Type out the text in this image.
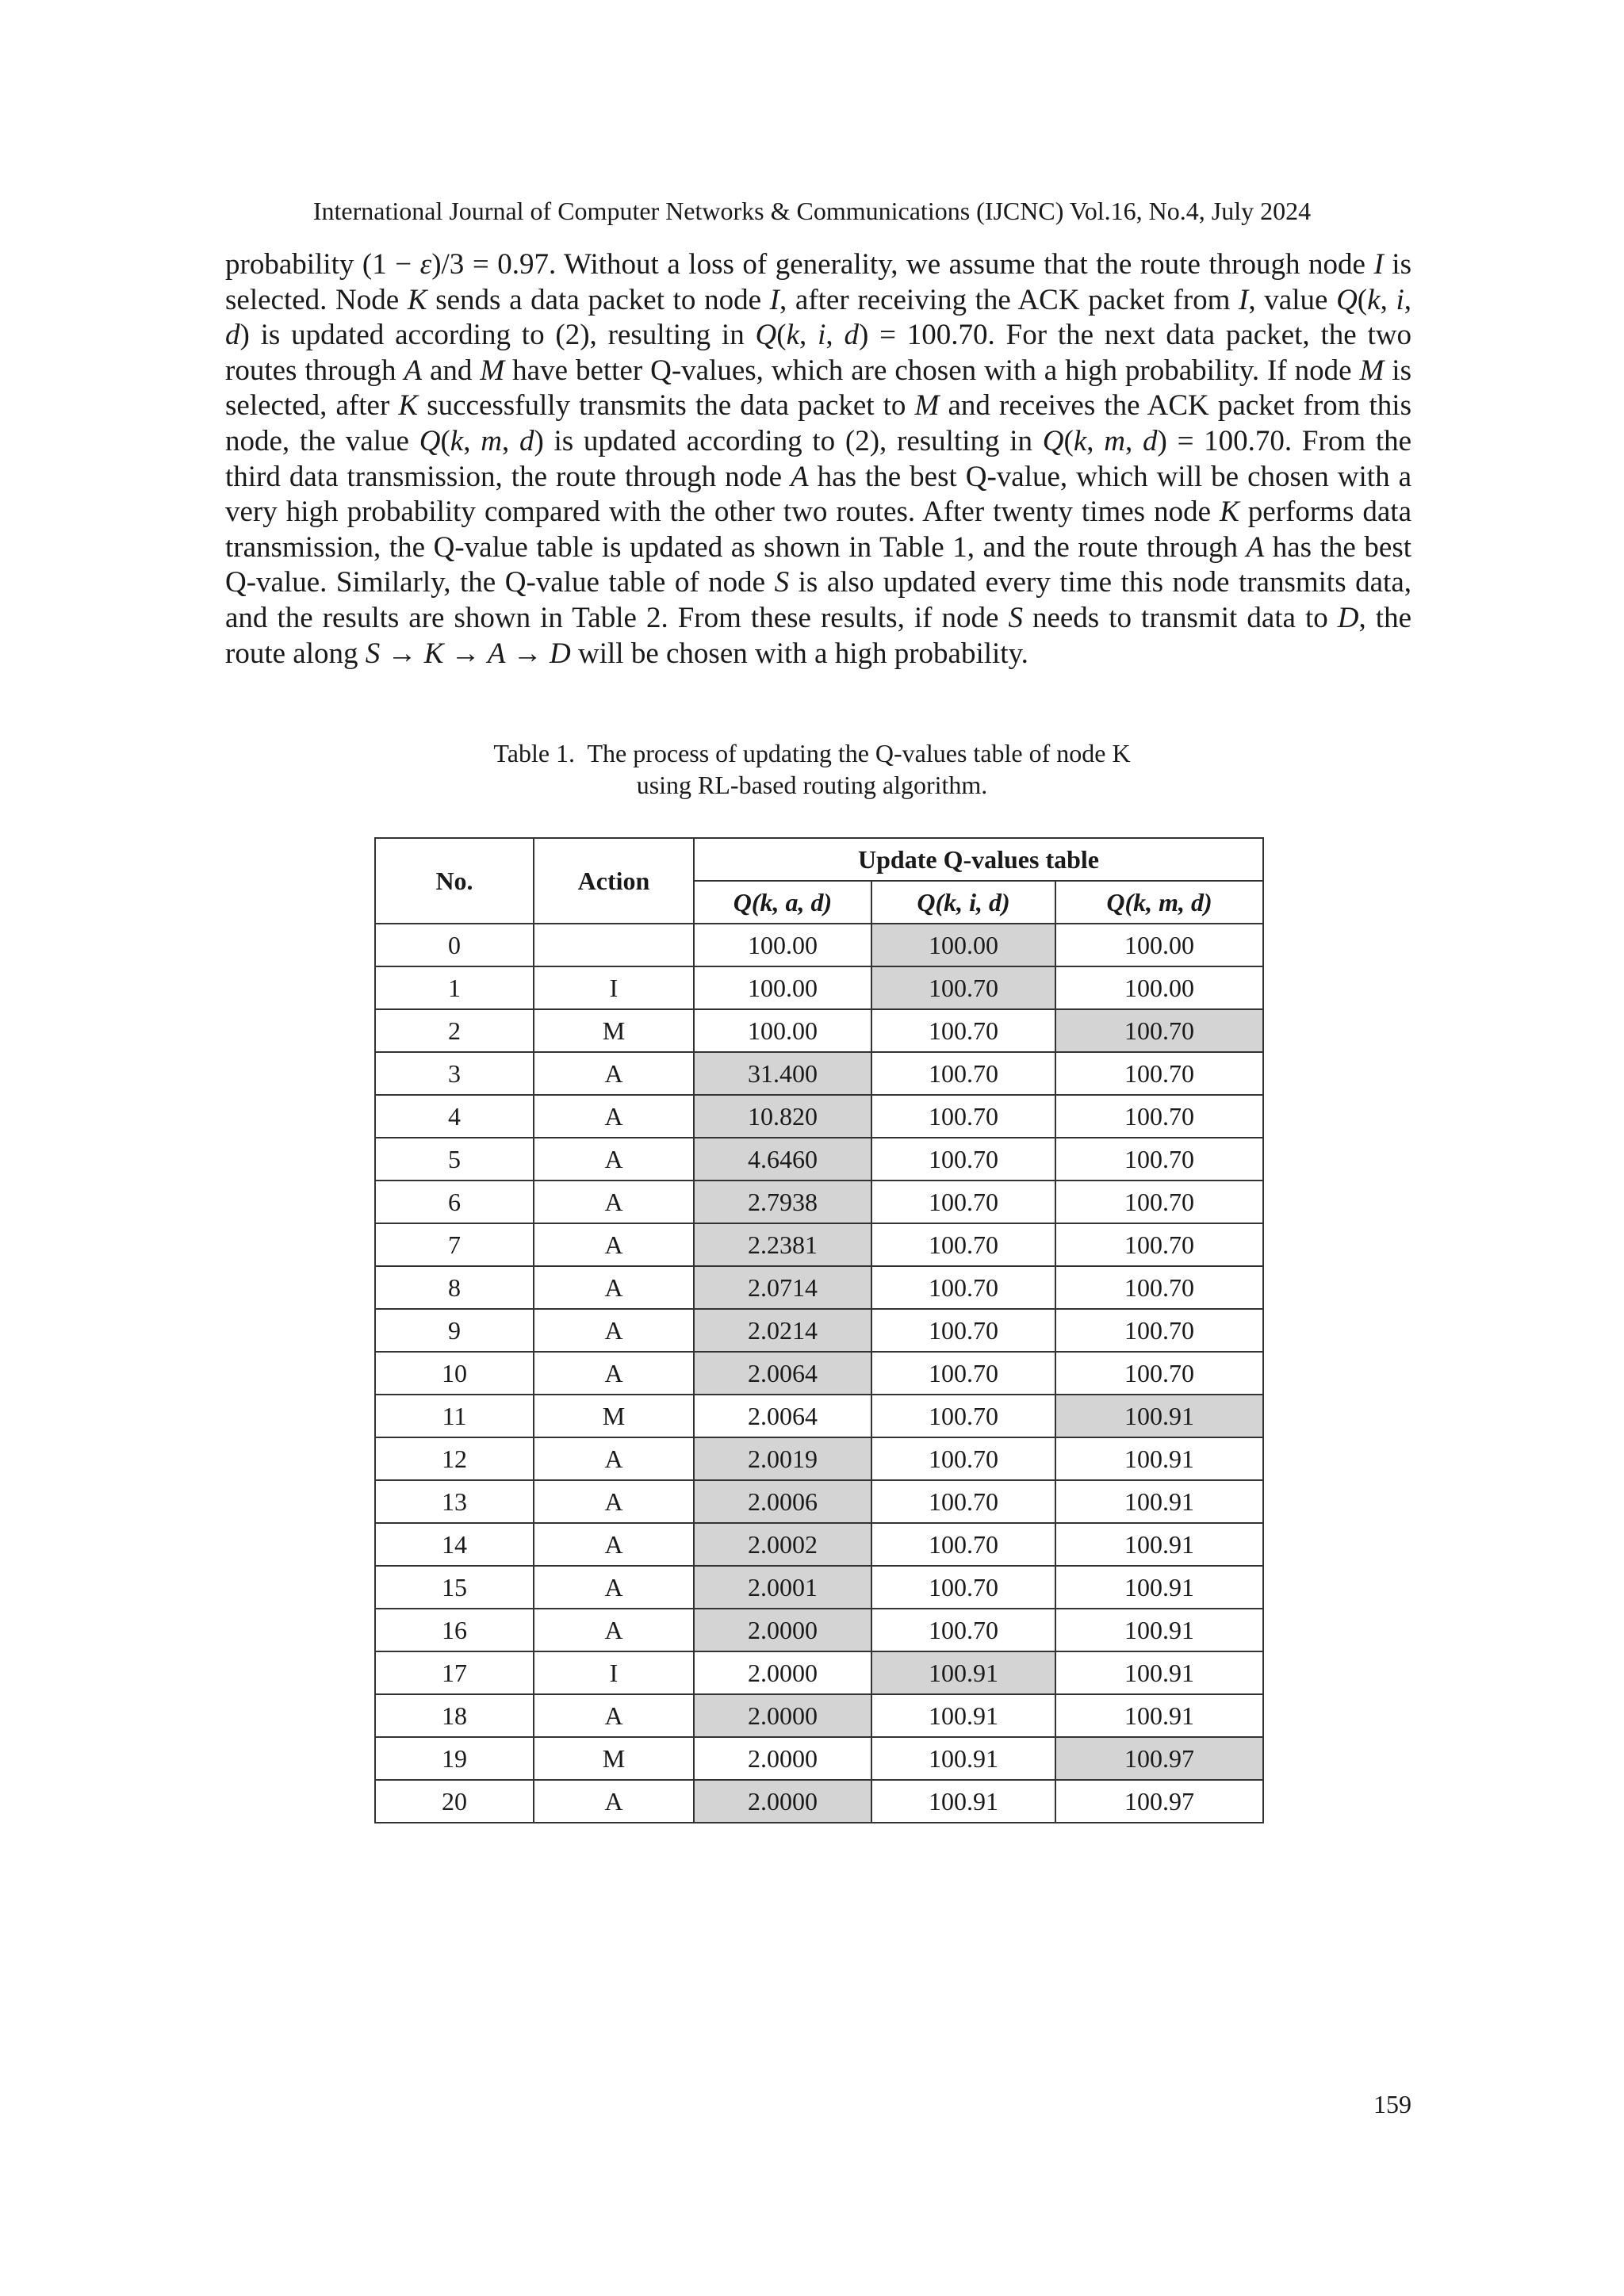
International Journal of Computer Networks & Communications (IJCNC) Vol.16, No.4, July 2024
probability (1 − ε)/3 = 0.97. Without a loss of generality, we assume that the route through node I is selected. Node K sends a data packet to node I, after receiving the ACK packet from I, value Q(k, i, d) is updated according to (2), resulting in Q(k, i, d) = 100.70. For the next data packet, the two routes through A and M have better Q-values, which are chosen with a high probability. If node M is selected, after K successfully transmits the data packet to M and receives the ACK packet from this node, the value Q(k, m, d) is updated according to (2), resulting in Q(k, m, d) = 100.70. From the third data transmission, the route through node A has the best Q-value, which will be chosen with a very high probability compared with the other two routes. After twenty times node K performs data transmission, the Q-value table is updated as shown in Table 1, and the route through A has the best Q-value. Similarly, the Q-value table of node S is also updated every time this node transmits data, and the results are shown in Table 2. From these results, if node S needs to transmit data to D, the route along S → K → A → D will be chosen with a high probability.
Table 1.  The process of updating the Q-values table of node K
using RL-based routing algorithm.
No.	Action	Update Q-values table		
		Q(k, a, d)	Q(k, i, d)	Q(k, m, d)
0		100.00	100.00	100.00
1	I	100.00	100.70	100.00
2	M	100.00	100.70	100.70
3	A	31.400	100.70	100.70
4	A	10.820	100.70	100.70
5	A	4.6460	100.70	100.70
6	A	2.7938	100.70	100.70
7	A	2.2381	100.70	100.70
8	A	2.0714	100.70	100.70
9	A	2.0214	100.70	100.70
10	A	2.0064	100.70	100.70
11	M	2.0064	100.70	100.91
12	A	2.0019	100.70	100.91
13	A	2.0006	100.70	100.91
14	A	2.0002	100.70	100.91
15	A	2.0001	100.70	100.91
16	A	2.0000	100.70	100.91
17	I	2.0000	100.91	100.91
18	A	2.0000	100.91	100.91
19	M	2.0000	100.91	100.97
20	A	2.0000	100.91	100.97
159
